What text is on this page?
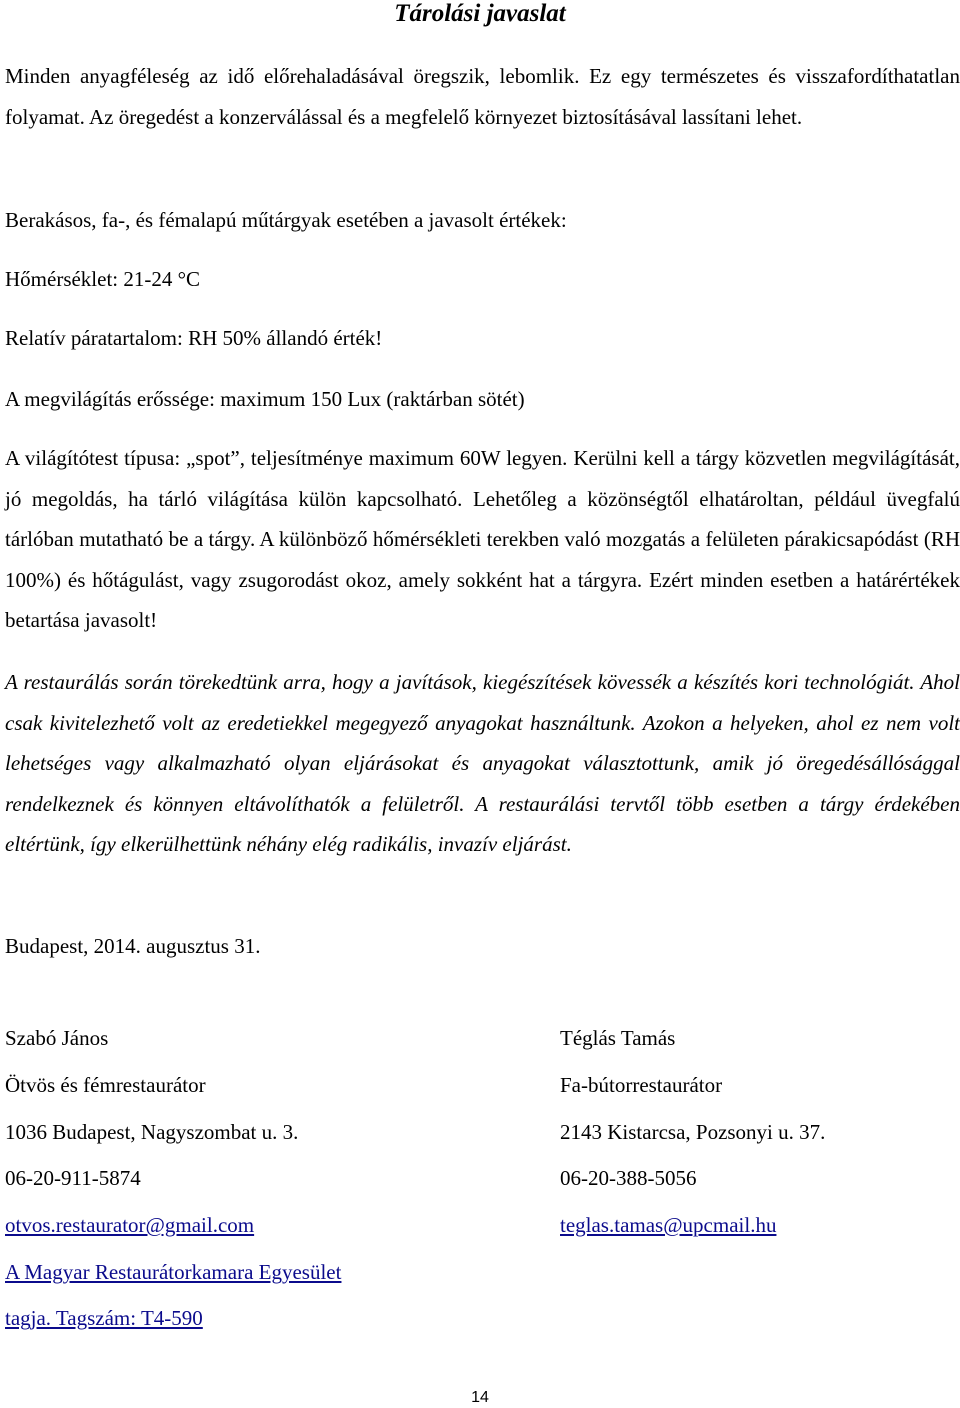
Tárolási javaslat

Minden anyagféleség az idő előrehaladásával öregszik, lebomlik. Ez egy természetes és visszafordíthatatlan folyamat. Az öregedést a konzerválással és a megfelelő környezet biztosításával lassítani lehet.

Berakásos, fa-, és fémalapú műtárgyak esetében a javasolt értékek:

Hőmérséklet: 21-24 °C

Relatív páratartalom: RH 50% állandó érték!

A megvilágítás erőssége: maximum 150 Lux (raktárban sötét)

A világítótest típusa: „spot”, teljesítménye maximum 60W legyen. Kerülni kell a tárgy közvetlen megvilágítását, jó megoldás, ha tárló világítása külön kapcsolható. Lehetőleg a közönségtől elhatároltan, például üvegfalú tárlóban mutatható be a tárgy. A különböző hőmérsékleti terekben való mozgatás a felületen párakicsapódást (RH 100%) és hőtágulást, vagy zsugorodást okoz, amely sokként hat a tárgyra. Ezért minden esetben a határértékek betartása javasolt!

A restaurálás során törekedtünk arra, hogy a javítások, kiegészítések kövessék a készítés kori technológiát. Ahol csak kivitelezhető volt az eredetiekkel megegyező anyagokat használtunk. Azokon a helyeken, ahol ez nem volt lehetséges vagy alkalmazható olyan eljárásokat és anyagokat választottunk, amik jó öregedésállósággal rendelkeznek és könnyen eltávolíthatók a felületről. A restaurálási tervtől több esetben a tárgy érdekében eltértünk, így elkerülhettünk néhány elég radikális, invazív eljárást.

Budapest, 2014. augusztus 31.

Szabó János
Ötvös és fémrestaurátor
1036 Budapest, Nagyszombat u. 3.
06-20-911-5874
otvos.restaurator@gmail.com
A Magyar Restaurátorkamara Egyesület
tagja. Tagszám: T4-590
Téglás Tamás
Fa-bútorrestaurátor
2143 Kistarcsa, Pozsonyi u. 37.
06-20-388-5056
teglas.tamas@upcmail.hu
14
